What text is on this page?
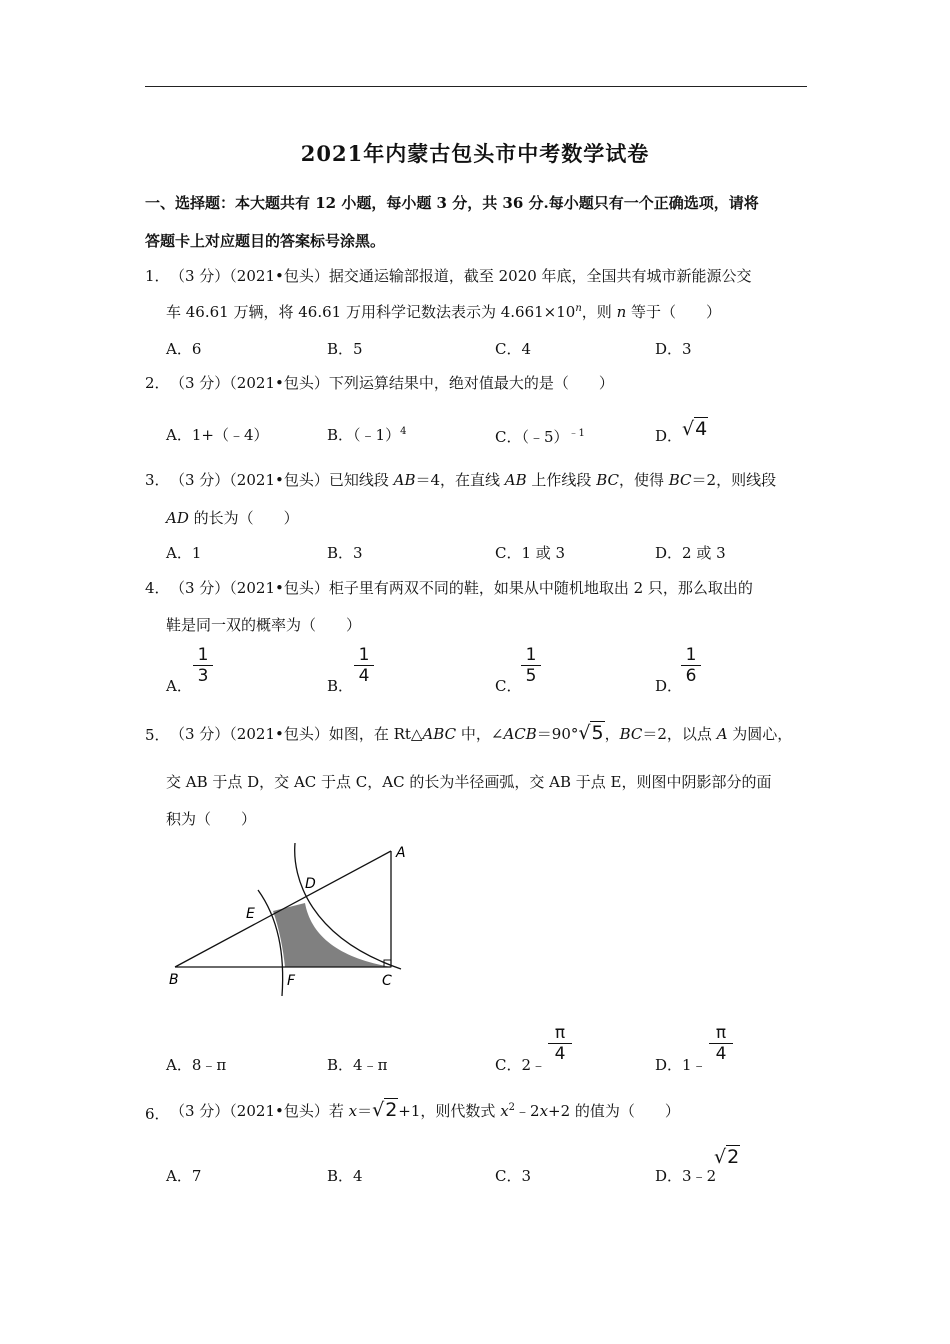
2021年内蒙古包头市中考数学试卷
一、选择题：本大题共有 12 小题，每小题 3 分，共 36 分.每小题只有一个正确选项，请将
答题卡上对应题目的答案标号涂黑。
1． （3 分）（2021•包头）据交通运输部报道，截至 2020 年底，全国共有城市新能源公交
车 46.61 万辆，将 46.61 万用科学记数法表示为 $4.661\times 10^n$，则 n 等于（　　）
A．6	B．5	C．4	D．3
2． （3 分）（2021•包头）下列运算结果中，绝对值最大的是（　　）
A．1+（﹣4）	B．（﹣1）$^4$	C．（﹣5）$^{﹣1}$	D．√4
3． （3 分）（2021•包头）已知线段 AB＝4，在直线 AB 上作线段 BC，使得 BC＝2，则线段
AD 的长为（　　）
A．1	B．3	C．1 或 3	D．2 或 3
4． （3 分）（2021•包头）柜子里有两双不同的鞋，如果从中随机地取出 2 只，那么取出的
鞋是同一双的概率为（　　）
A．
1
3	B．
1
4	C．
1
5	D．
1
6
5． （3 分）（2021•包头）如图，在 Rt△ABC 中，∠ACB＝90°√5，BC＝2，以点 A 为圆心，
交 AB 于点 D，交 AC 于点 C，AC 的长为半径画弧，交 AB 于点 E，则图中阴影部分的面
积为（　　）
A
B	C
D
E
F
A．8﹣π	B．4﹣π	C．2﹣
π
4
D．1﹣
π
4
6． （3 分）（2021•包头）若 x＝√2+1，则代数式 $x^2﹣2x+2$ 的值为（　　）
A．7	B．4	C．3	D．3﹣2
√2
